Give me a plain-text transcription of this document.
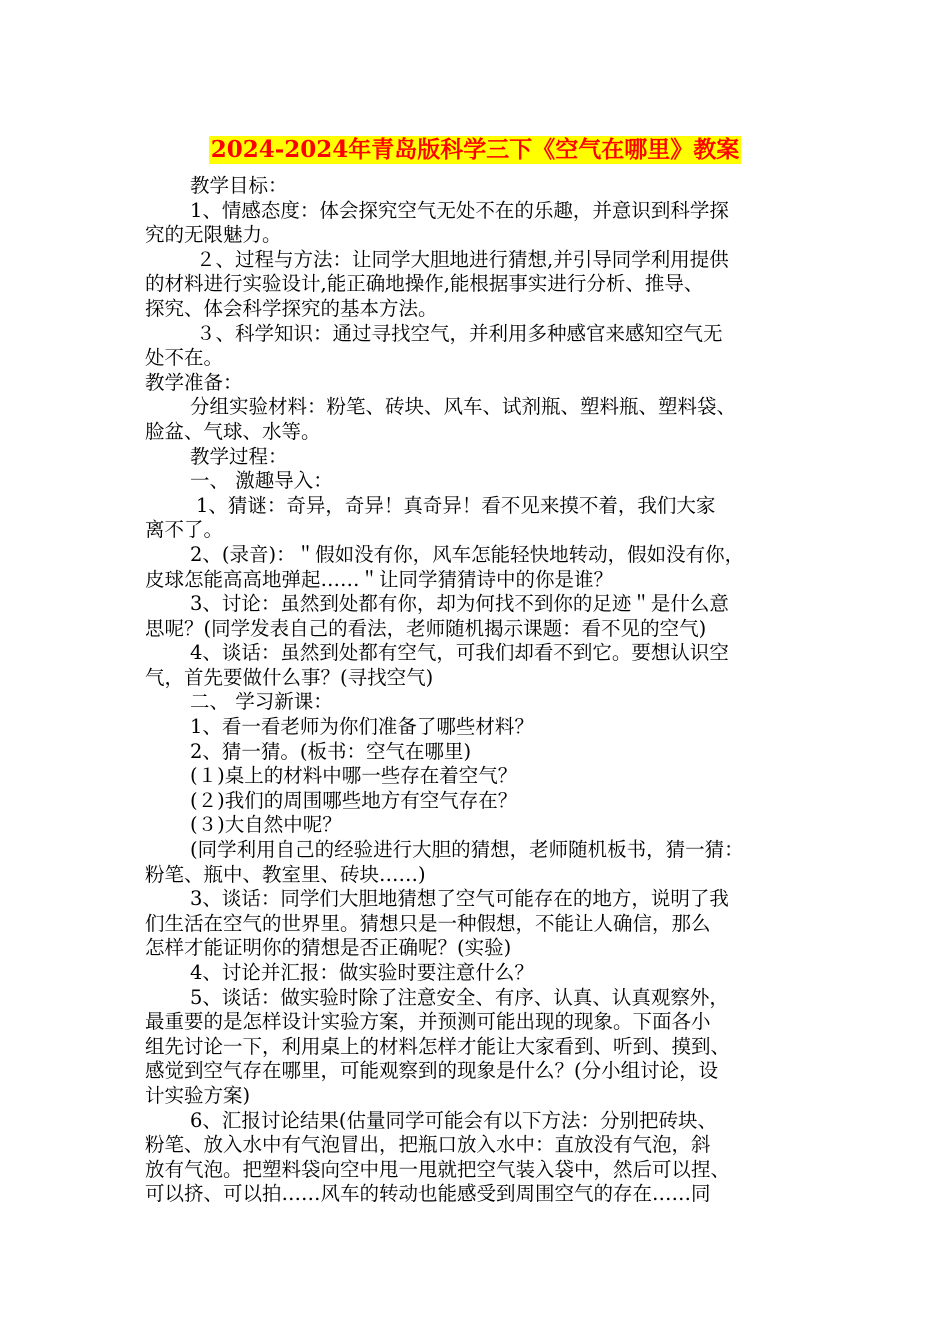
2024-2024年青岛版科学三下《空气在哪里》教案

教学目标：

1、情感态度：体会探究空气无处不在的乐趣，并意识到科学探

究的无限魅力。

２、过程与方法：让同学大胆地进行猜想,并引导同学利用提供

的材料进行实验设计,能正确地操作,能根据事实进行分析、推导、

探究、体会科学探究的基本方法。

３、科学知识：通过寻找空气，并利用多种感官来感知空气无

处不在。

教学准备：

分组实验材料：粉笔、砖块、风车、试剂瓶、塑料瓶、塑料袋、

脸盆、气球、水等。

教学过程：

一、 激趣导入：

1、猜谜：奇异，奇异！真奇异！看不见来摸不着，我们大家

离不了。

2、(录音)：＂假如没有你，风车怎能轻快地转动，假如没有你，

皮球怎能高高地弹起……＂让同学猜猜诗中的你是谁？

3、讨论：虽然到处都有你，却为何找不到你的足迹＂是什么意

思呢？(同学发表自己的看法，老师随机揭示课题：看不见的空气)

4、谈话：虽然到处都有空气，可我们却看不到它。要想认识空

气，首先要做什么事？(寻找空气)

二、 学习新课：

1、看一看老师为你们准备了哪些材料？

2、猜一猜。(板书：空气在哪里)

(１)桌上的材料中哪一些存在着空气？

(２)我们的周围哪些地方有空气存在？

(３)大自然中呢？

(同学利用自己的经验进行大胆的猜想，老师随机板书，猜一猜：

粉笔、瓶中、教室里、砖块……)

3、谈话：同学们大胆地猜想了空气可能存在的地方，说明了我

们生活在空气的世界里。猜想只是一种假想，不能让人确信，那么

怎样才能证明你的猜想是否正确呢？(实验)

4、讨论并汇报：做实验时要注意什么？

5、谈话：做实验时除了注意安全、有序、认真、认真观察外，

最重要的是怎样设计实验方案，并预测可能出现的现象。下面各小

组先讨论一下，利用桌上的材料怎样才能让大家看到、听到、摸到、

感觉到空气存在哪里，可能观察到的现象是什么？(分小组讨论，设

计实验方案)

6、汇报讨论结果(估量同学可能会有以下方法：分别把砖块、

粉笔、放入水中有气泡冒出，把瓶口放入水中：直放没有气泡，斜

放有气泡。把塑料袋向空中甩一甩就把空气装入袋中，然后可以捏、

可以挤、可以拍……风车的转动也能感受到周围空气的存在……同
